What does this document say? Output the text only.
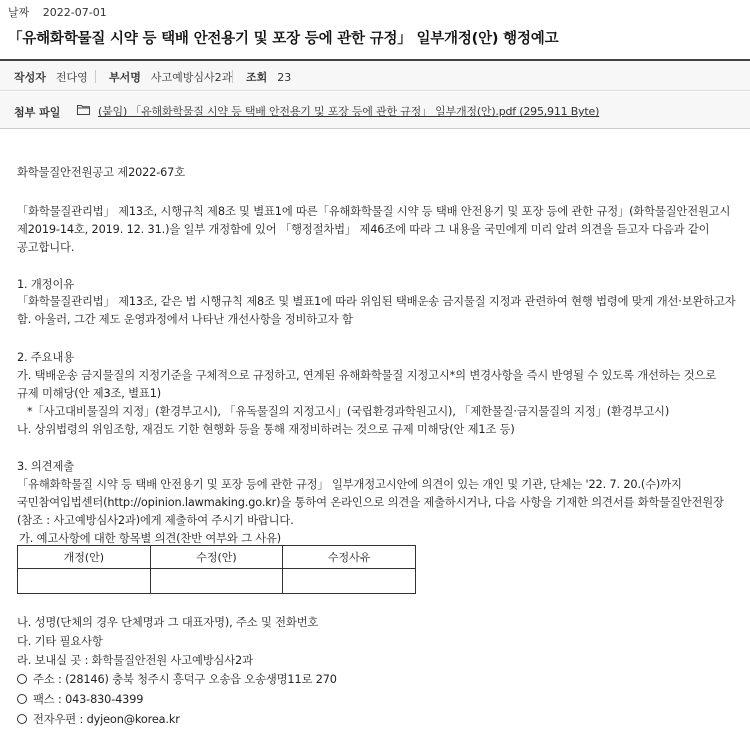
날짜 2022-07-01
「유해화학물질 시약 등 택배 안전용기 및 포장 등에 관한 규정」 일부개정(안) 행정예고
작성자 전다영 부서명 사고예방심사2과 조회 23
첨부 파일	(붙임) 「유해화학물질 시약 등 택배 안전용기 및 포장 등에 관한 규정」 일부개정(안).pdf (295,911 Byte)
화학물질안전원공고 제2022-67호
「화학물질관리법」 제13조, 시행규칙 제8조 및 별표1에 따른「유해화학물질 시약 등 택배 안전용기 및 포장 등에 관한 규정」(화학물질안전원고시
제2019-14호, 2019. 12. 31.)을 일부 개정함에 있어 「행정절차법」 제46조에 따라 그 내용을 국민에게 미리 알려 의견을 듣고자 다음과 같이
공고합니다.
1. 개정이유
「화학물질관리법」 제13조, 같은 법 시행규칙 제8조 및 별표1에 따라 위임된 택배운송 금지물질 지정과 관련하여 현행 법령에 맞게 개선·보완하고자
함. 아울러, 그간 제도 운영과정에서 나타난 개선사항을 정비하고자 함
2. 주요내용
가. 택배운송 금지물질의 지정기준을 구체적으로 규정하고, 연계된 유해화학물질 지정고시*의 변경사항을 즉시 반영될 수 있도록 개선하는 것으로
규제 미해당(안 제3조, 별표1)
*「사고대비물질의 지정」(환경부고시), 「유독물질의 지정고시」(국립환경과학원고시), 「제한물질·금지물질의 지정」(환경부고시)
나. 상위법령의 위임조항, 재검도 기한 현행화 등을 통해 재정비하려는 것으로 규제 미해당(안 제1조 등)
3. 의견제출
「유해화학물질 시약 등 택배 안전용기 및 포장 등에 관한 규정」 일부개정고시안에 의견이 있는 개인 및 기관, 단체는 '22. 7. 20.(수)까지
국민참여입법센터(http://opinion.lawmaking.go.kr)을 통하여 온라인으로 의견을 제출하시거나, 다음 사항을 기재한 의견서를 화학물질안전원장
(참조 : 사고예방심사2과)에게 제출하여 주시기 바랍니다.
가. 예고사항에 대한 항목별 의견(찬반 여부와 그 사유)
개정(안)	수정(안)	수정사유

나. 성명(단체의 경우 단체명과 그 대표자명), 주소 및 전화번호
다. 기타 필요사항
라. 보내실 곳 : 화학물질안전원 사고예방심사2과
주소 : (28146) 충북 청주시 흥덕구 오송읍 오송생명11로 270
팩스 : 043-830-4399
전자우편 : dyjeon@korea.kr
